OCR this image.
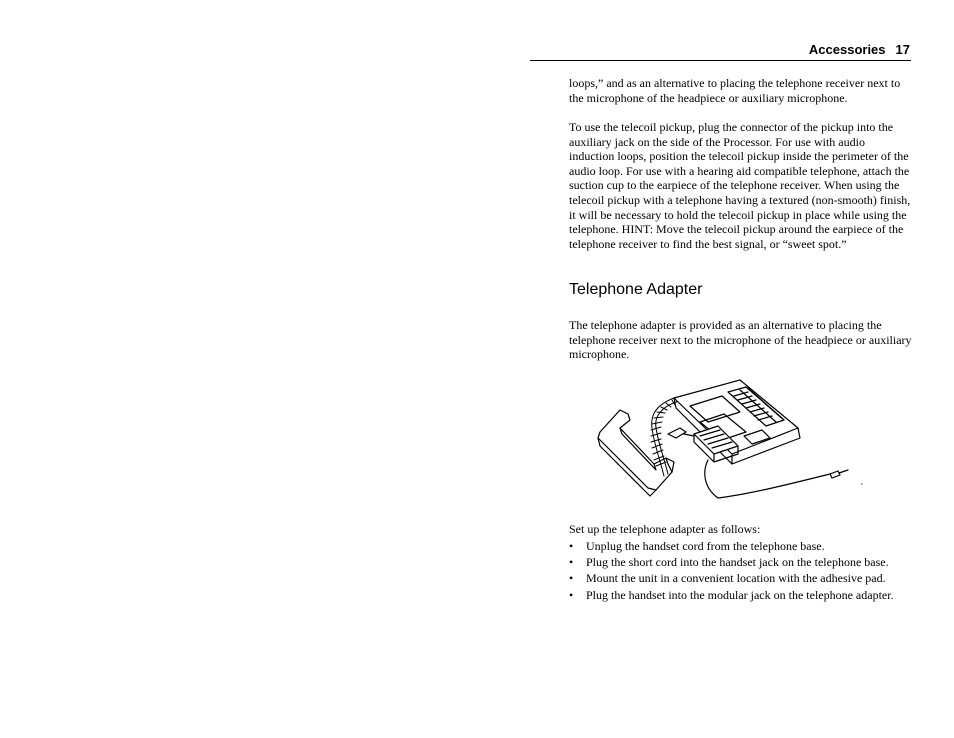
Accessories 17

loops,” and as an alternative to placing the telephone receiver next to the microphone of the headpiece or auxiliary microphone.

To use the telecoil pickup, plug the connector of the pickup into the auxiliary jack on the side of the Processor. For use with audio induction loops, position the telecoil pickup inside the perimeter of the audio loop. For use with a hearing aid compatible telephone, attach the suction cup to the earpiece of the telephone receiver. When using the telecoil pickup with a telephone having a textured (non-smooth) finish, it will be necessary to hold the telecoil pickup in place while using the telephone. HINT: Move the telecoil pickup around the earpiece of the telephone receiver to find the best signal, or “sweet spot.”

Telephone Adapter

The telephone adapter is provided as an alternative to placing the telephone receiver next to the microphone of the headpiece or auxiliary microphone.

Set up the telephone adapter as follows:

• Unplug the handset cord from the telephone base.
• Plug the short cord into the handset jack on the telephone base.
• Mount the unit in a convenient location with the adhesive pad.
• Plug the handset into the modular jack on the telephone adapter.
